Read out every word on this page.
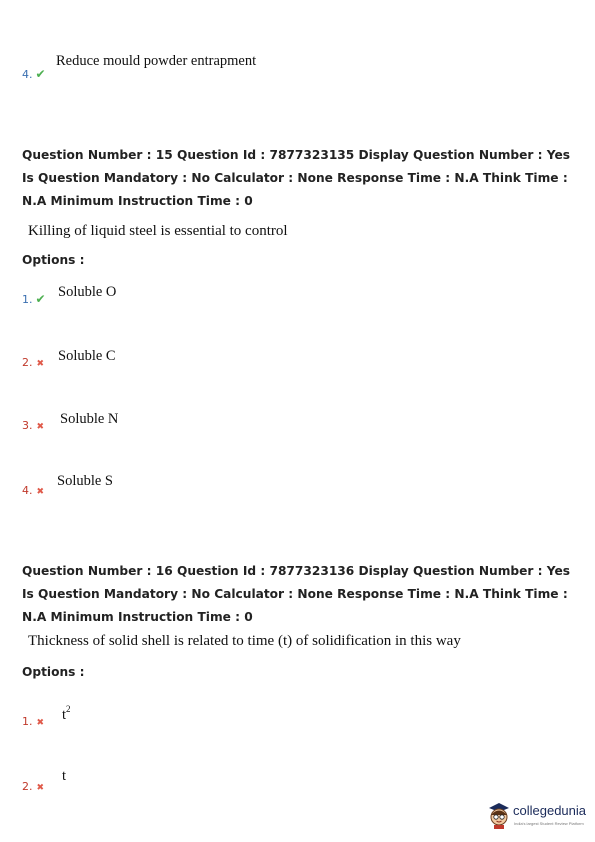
Reduce mould powder entrapment
4. ✔
Question Number : 15 Question Id : 7877323135 Display Question Number : Yes Is Question Mandatory : No Calculator : None Response Time : N.A Think Time : N.A Minimum Instruction Time : 0
Killing of liquid steel is essential to control
Options :
Soluble O
1. ✔
Soluble C
2. ✖
Soluble N
3. ✖
Soluble S
4. ✖
Question Number : 16 Question Id : 7877323136 Display Question Number : Yes Is Question Mandatory : No Calculator : None Response Time : N.A Think Time : N.A Minimum Instruction Time : 0
Thickness of solid shell is related to time (t) of solidification in this way
Options :
$t^2$
1. ✖
t
2. ✖
collegedunia
India's largest Student Review Platform
